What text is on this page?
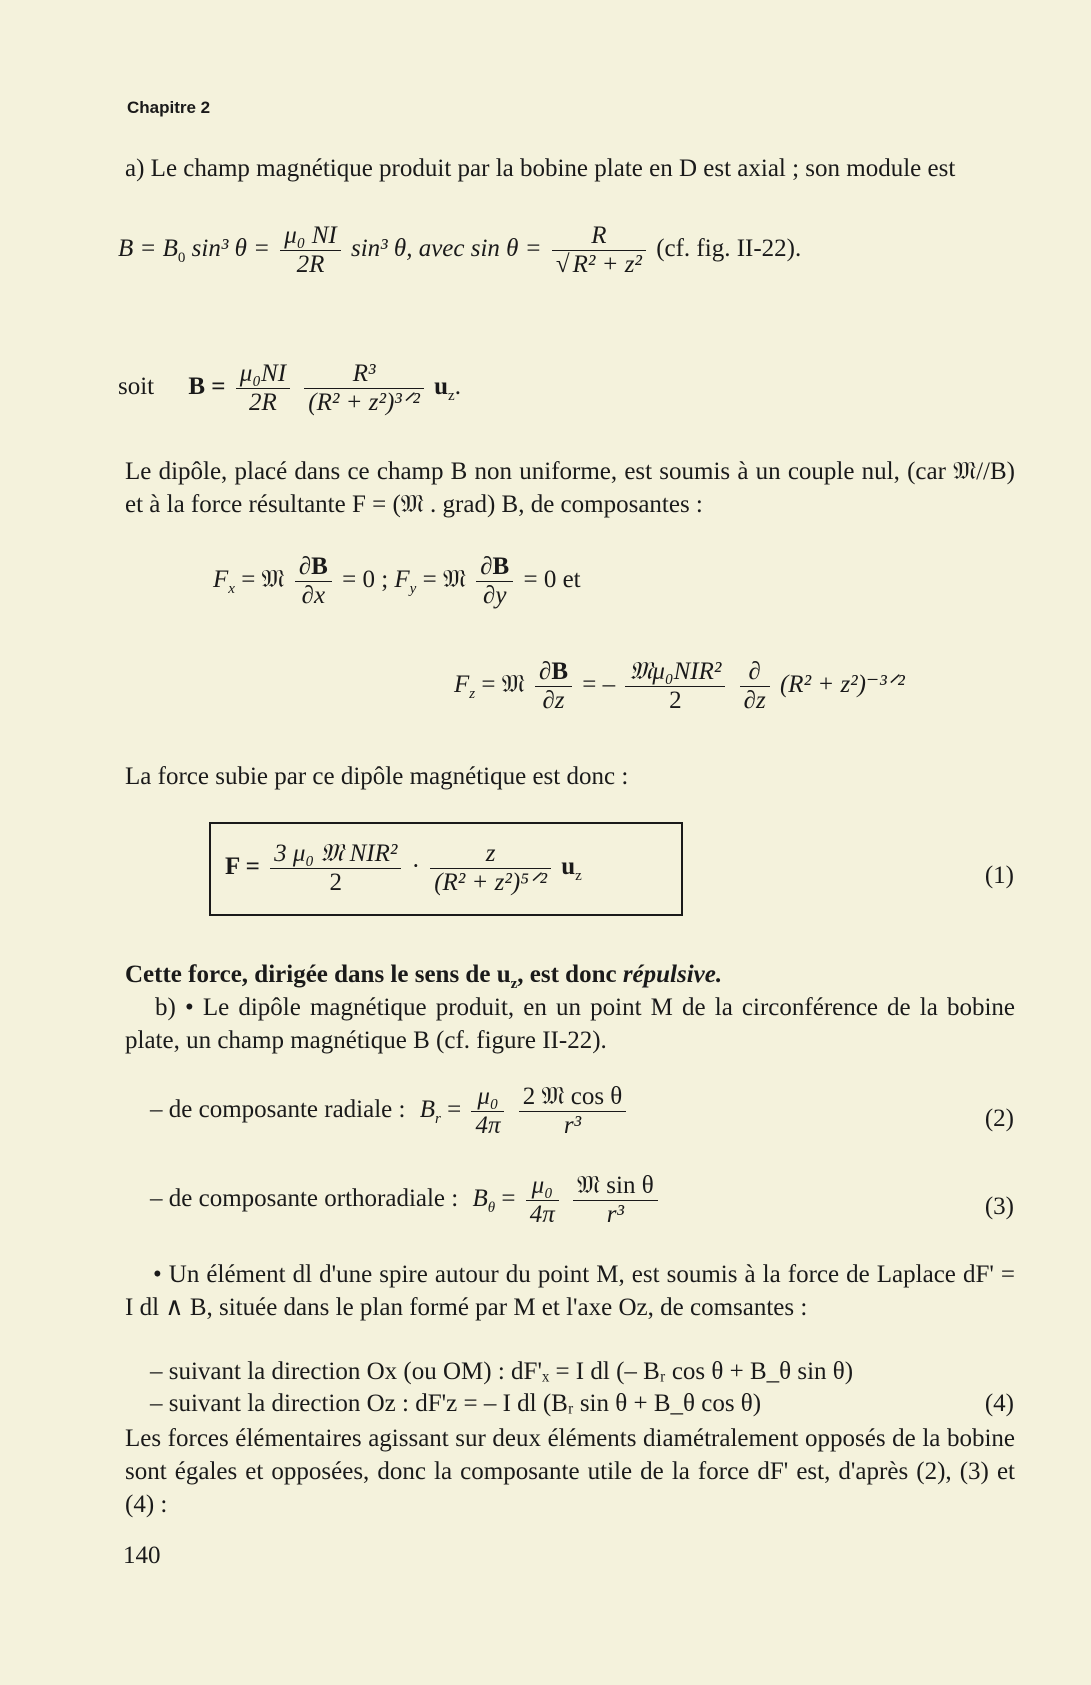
Chapitre 2
a) Le champ magnétique produit par la bobine plate en D est axial ; son module est
$B = B_0$ sin³ $\theta = \frac{\text{μ₀ NI}}{2R} \sin^3$ θ, avec $\sin \theta = \frac{R}{\text{√ R² + z²}} (cf$. fig. II-22).
soit $B = \frac{\text{μ₀NI}}{2R}$
$\frac{\text{R³}}{\text{(R² + z²)³ᐟ²}} u_z$.
Le dipôle, placé dans ce champ B non uniforme, est soumis à un couple nul, (car 𝔐//B) et à la force résultante F = (𝔐 . grad) B, de composantes :
$F_x$ = 𝔐 $\frac{\partial B}{\partial x} = 0$ ; $F_y$ = 𝔐 $\frac{\partial B}{\partial y} = 0$ et
$F_z$ = 𝔐 $\frac{\partial B}{\partial z}$ = – $\frac{\text{𝔐μ₀NIR²}}{2}$
$\frac{\partial}{\partial z} (R^2$ + z²)⁻³ᐟ²
La force subie par ce dipôle magnétique est donc :
$F = \frac{\text{3 μ₀ 𝔐 NIR²}}{2} \cdot \frac{z}{\text{(R² + z²)⁵ᐟ²}} u_z$	(1)
Cette force, dirigée dans le sens de $u_z$, est donc répulsive.
b) • Le dipôle magnétique produit, en un point M de la circonférence de la bobine plate, un champ magnétique B (cf. figure II-22).
– de composante radiale : $B_r = \frac{\text{μ₀}}{4\pi}$
$\frac{\text{2 𝔐 cos θ}}{\text{r³}}$	(2)
– de composante orthoradiale : $B_\theta = \frac{\text{μ₀}}{4\pi}$
$\frac{\text{𝔐 sin θ}}{\text{r³}}$	(3)
• Un élément dl d'une spire autour du point M, est soumis à la force de Laplace dF' = I dl ∧ B, située dans le plan formé par M et l'axe Oz, de comsantes :
– suivant la direction Ox (ou OM) : dF'ₓ = I dl (– Bᵣ cos θ + B_θ sin θ)
– suivant la direction Oz : dF'z = – I dl (Bᵣ sin θ + B_θ cos θ)	(4)
Les forces élémentaires agissant sur deux éléments diamétralement opposés de la bobine sont égales et opposées, donc la composante utile de la force dF' est, d'après (2), (3) et (4) :
140
